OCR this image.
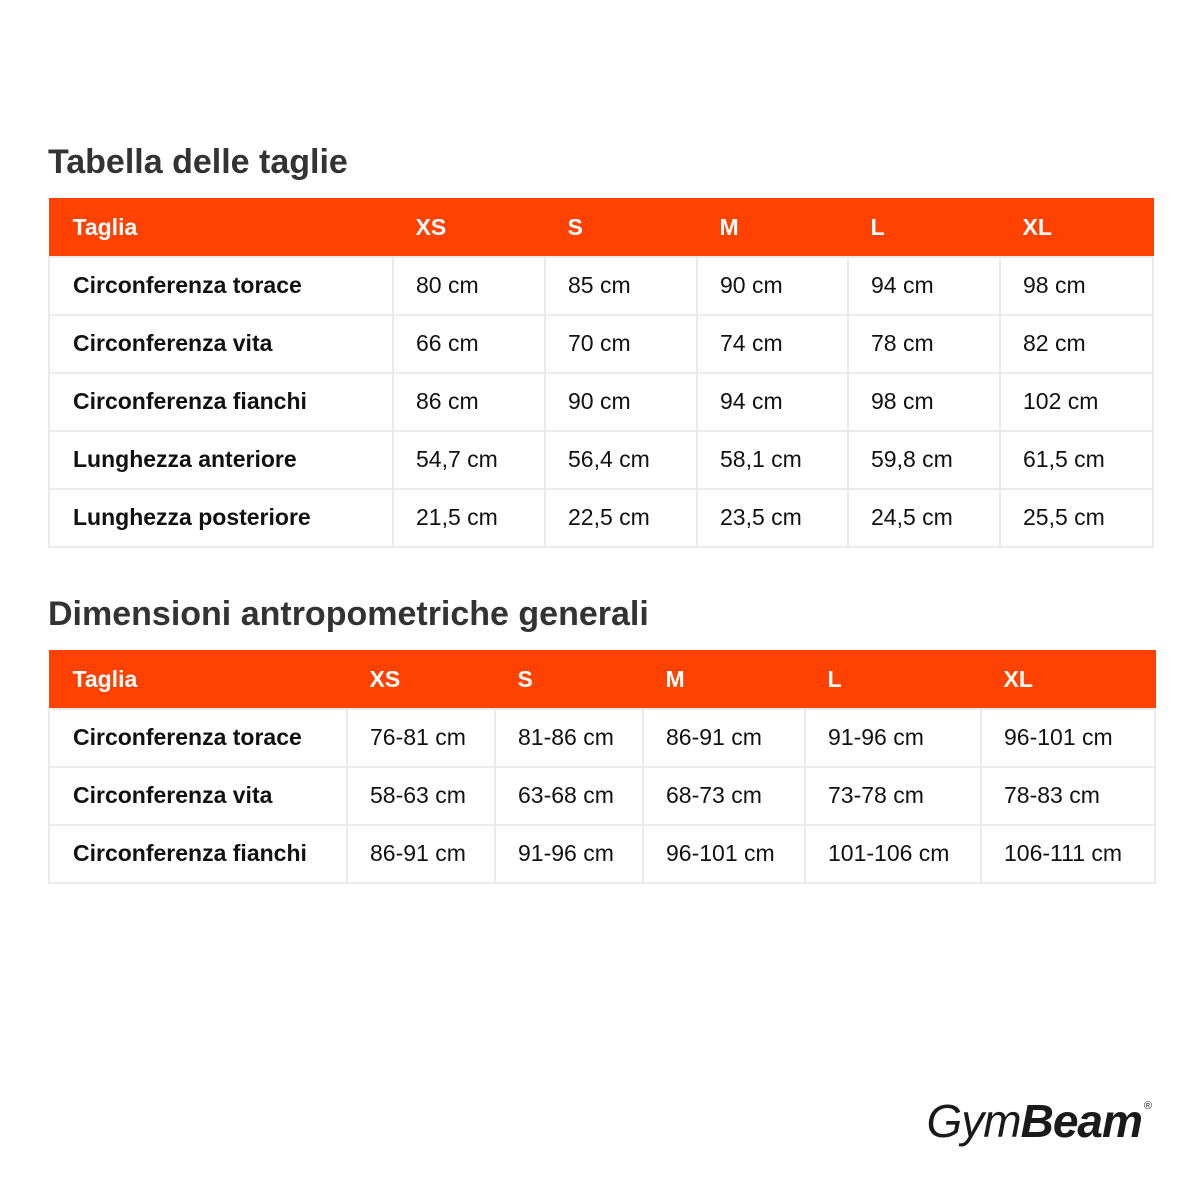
Tabella delle taglie
Taglia	XS	S	M	L	XL
Circonferenza torace	80 cm	85 cm	90 cm	94 cm	98 cm
Circonferenza vita	66 cm	70 cm	74 cm	78 cm	82 cm
Circonferenza fianchi	86 cm	90 cm	94 cm	98 cm	102 cm
Lunghezza anteriore	54,7 cm	56,4 cm	58,1 cm	59,8 cm	61,5 cm
Lunghezza posteriore	21,5 cm	22,5 cm	23,5 cm	24,5 cm	25,5 cm
Dimensioni antropometriche generali
Taglia	XS	S	M	L	XL
Circonferenza torace	76-81 cm	81-86 cm	86-91 cm	91-96 cm	96-101 cm
Circonferenza vita	58-63 cm	63-68 cm	68-73 cm	73-78 cm	78-83 cm
Circonferenza fianchi	86-91 cm	91-96 cm	96-101 cm	101-106 cm	106-111 cm
GymBeam ®
